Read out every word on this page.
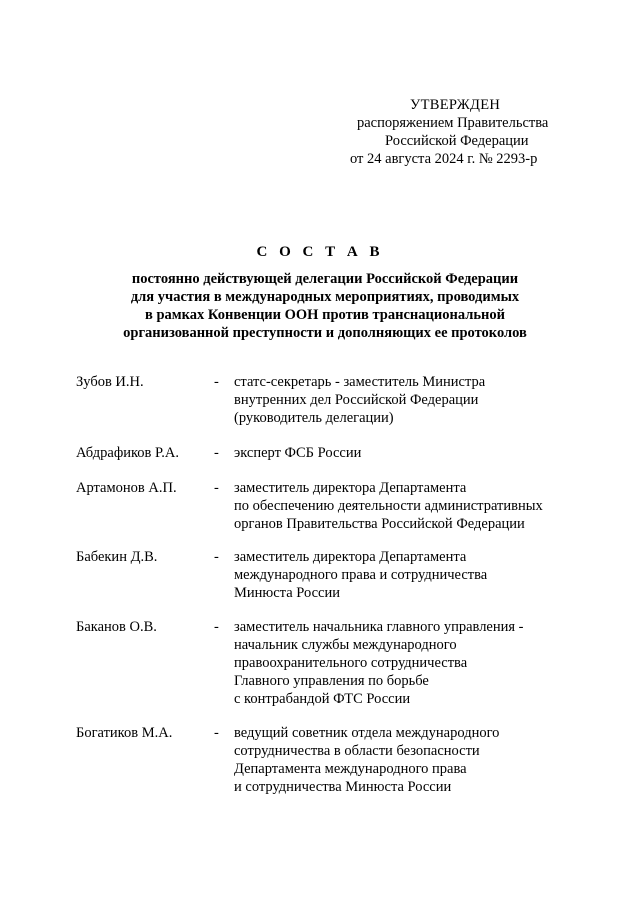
УТВЕРЖДЕН
распоряжением Правительства
Российской Федерации
от 24 августа 2024 г. № 2293-р
С О С Т А В
постоянно действующей делегации Российской Федерации
для участия в международных мероприятиях, проводимых
в рамках Конвенции ООН против транснациональной
организованной преступности и дополняющих ее протоколов
Зубов И.Н.	-	статс-секретарь - заместитель Министра
внутренних дел Российской Федерации
(руководитель делегации)
Абдрафиков Р.А.	-	эксперт ФСБ России
Артамонов А.П.	-	заместитель директора Департамента
по обеспечению деятельности административных
органов Правительства Российской Федерации
Бабекин Д.В.	-	заместитель директора Департамента
международного права и сотрудничества
Минюста России
Баканов О.В.	-	заместитель начальника главного управления -
начальник службы международного
правоохранительного сотрудничества
Главного управления по борьбе
с контрабандой ФТС России
Богатиков М.А.	-	ведущий советник отдела международного
сотрудничества в области безопасности
Департамента международного права
и сотрудничества Минюста России
